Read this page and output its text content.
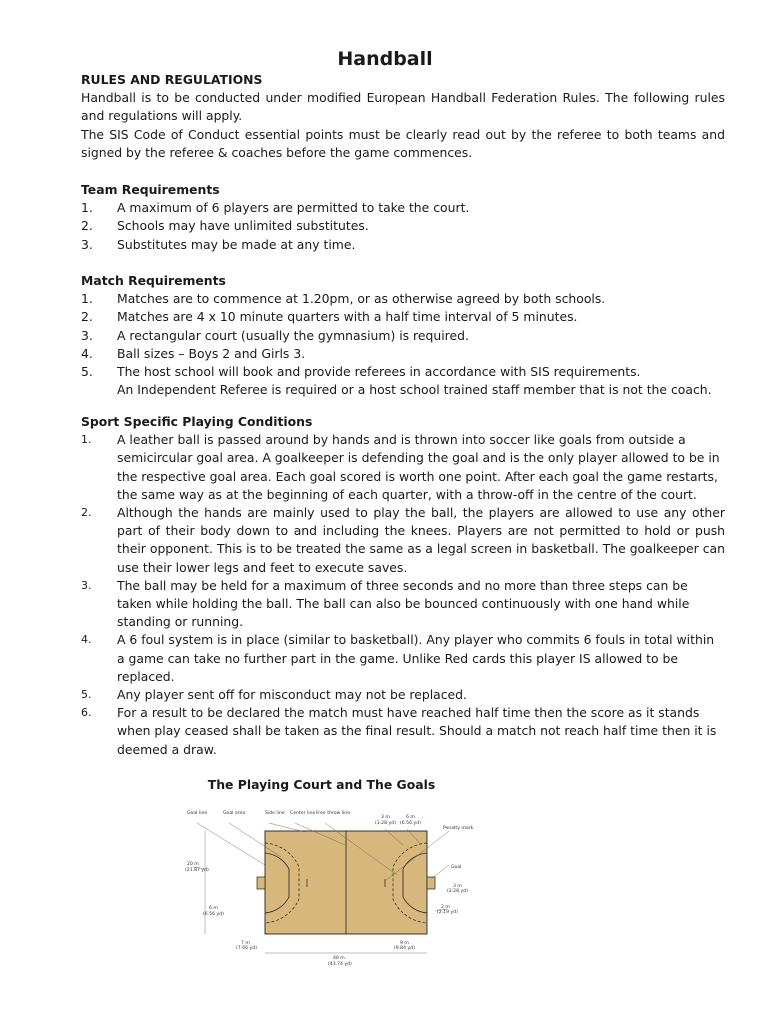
Handball
RULES AND REGULATIONS
Handball is to be conducted under modified European Handball Federation Rules. The following rules and regulations will apply.
The SIS Code of Conduct essential points must be clearly read out by the referee to both teams and signed by the referee & coaches before the game commences.
Team Requirements
1.	A maximum of 6 players are permitted to take the court.
2.	Schools may have unlimited substitutes.
3.	Substitutes may be made at any time.
Match Requirements
1.	Matches are to commence at 1.20pm, or as otherwise agreed by both schools.
2.	Matches are 4 x 10 minute quarters with a half time interval of 5 minutes.
3.	A rectangular court (usually the gymnasium) is required.
4.	Ball sizes – Boys 2 and Girls 3.
5.	The host school will book and provide referees in accordance with SIS requirements.
An Independent Referee is required or a host school trained staff member that is not the coach.
Sport Specific Playing Conditions
1.	A leather ball is passed around by hands and is thrown into soccer like goals from outside a semicircular goal area. A goalkeeper is defending the goal and is the only player allowed to be in the respective goal area. Each goal scored is worth one point. After each goal the game restarts, the same way as at the beginning of each quarter, with a throw-off in the centre of the court.
2.	Although the hands are mainly used to play the ball, the players are allowed to use any other part of their body down to and including the knees. Players are not permitted to hold or push their opponent. This is to be treated the same as a legal screen in basketball. The goalkeeper can use their lower legs and feet to execute saves.
3.	The ball may be held for a maximum of three seconds and no more than three steps can be taken while holding the ball. The ball can also be bounced continuously with one hand while standing or running.
4.	A 6 foul system is in place (similar to basketball). Any player who commits 6 fouls in total within a game can take no further part in the game. Unlike Red cards this player IS allowed to be replaced.
5.	Any player sent off for misconduct may not be replaced.
6.	For a result to be declared the match must have reached half time then the score as it stands when play ceased shall be taken as the final result. Should a match not reach half time then it is deemed a draw.
The Playing Court and The Goals
Goal line	Goal area	Side line Center line Free throw line
3 m
(3.28 yd)
6 m
(6.56 yd)
Penalty mark
20 m
(21.87 yd)
Goal
3 m
(3.28 yd)
2 m
(2.19 yd)
6 m
(6.56 yd)
7 m
(7.66 yd)
9 m
(9.84 yd)
40 m
(43.74 yd)
